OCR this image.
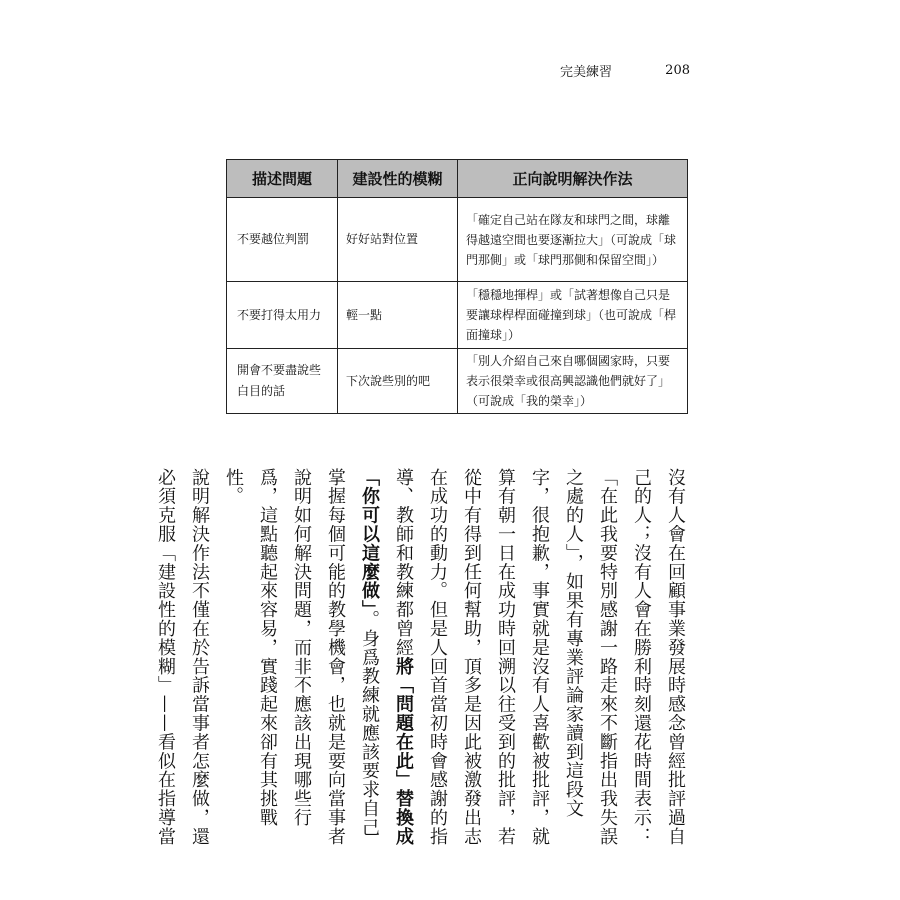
完美練習	208
描述問題	建設性的模糊	正向說明解決作法
不要越位判罰	好好站對位置	「確定自己站在隊友和球門之間，球離得越遠空間也要逐漸拉大」（可說成「球門那側」或「球門那側和保留空間」）
不要打得太用力	輕一點	「穩穩地揮桿」或「試著想像自己只是要讓球桿桿面碰撞到球」（也可說成「桿面撞球」）
開會不要盡說些白目的話	下次說些別的吧	「別人介紹自己來自哪個國家時，只要表示很榮幸或很高興認識他們就好了」（可說成「我的榮幸」）

沒有人會在回顧事業發展時感念曾經批評過自己的人；沒有人會在勝利時刻還花時間表示：「在此我要特別感謝一路走來不斷指出我失誤之處的人」，如果有專業評論家讀到這段文字，很抱歉，事實就是沒有人喜歡被批評，就算有朝一日在成功時回溯以往受到的批評，若從中有得到任何幫助，頂多是因此被激發出志在成功的動力。但是人回首當初時會感謝的指導、教師和教練都曾經將「問題在此」替換成「你可以這麼做」。身爲教練就應該要求自己掌握每個可能的教學機會，也就是要向當事者說明如何解決問題，而非不應該出現哪些行爲，這點聽起來容易，實踐起來卻有其挑戰性。

說明解決作法不僅在於告訴當事者怎麼做，還必須克服「建設性的模糊」——看似在指導當
